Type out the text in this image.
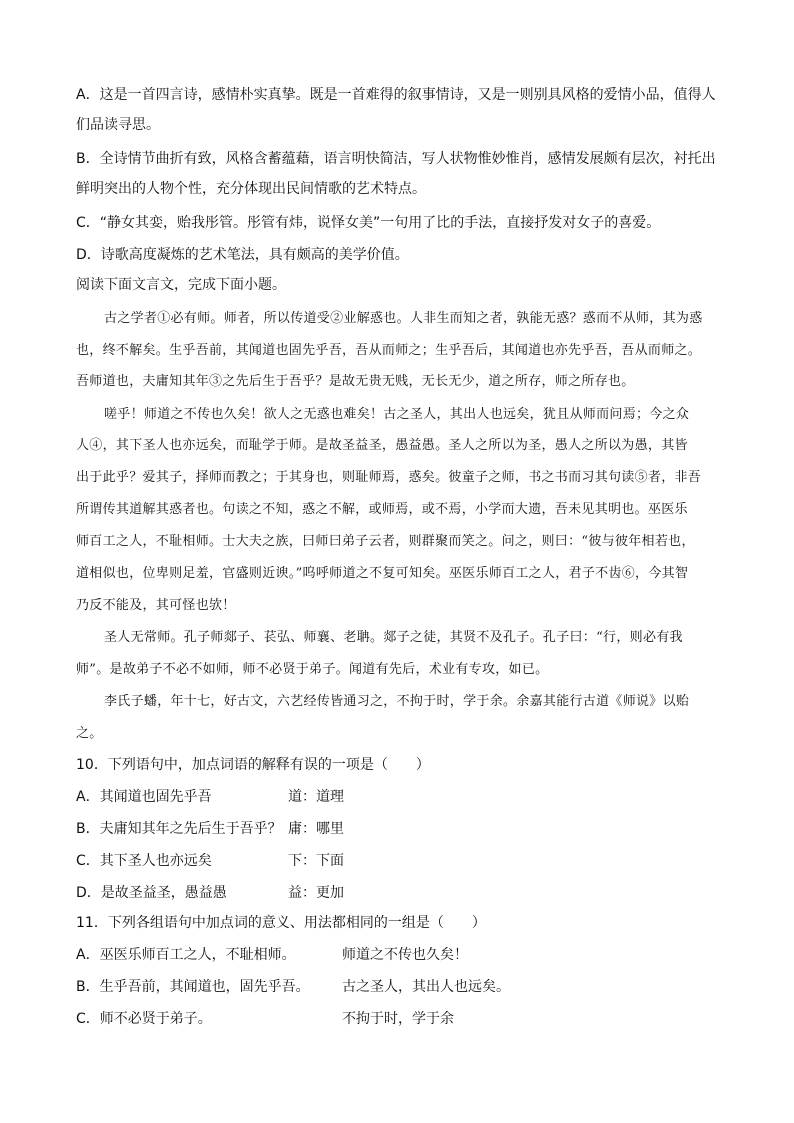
A．这是一首四言诗，感情朴实真挚。既是一首难得的叙事情诗，又是一则别具风格的爱情小品，值得人
们品读寻思。
B．全诗情节曲折有致，风格含蓄蕴藉，语言明快简洁，写人状物惟妙惟肖，感情发展颇有层次，衬托出
鲜明突出的人物个性，充分体现出民间情歌的艺术特点。
C．“静女其娈，贻我彤管。彤管有炜，说怿女美”一句用了比的手法，直接抒发对女子的喜爱。
D．诗歌高度凝炼的艺术笔法，具有颇高的美学价值。
阅读下面文言文，完成下面小题。
古之学者①必有师。师者，所以传道受②业解惑也。人非生而知之者，孰能无惑？惑而不从师，其为惑
也，终不解矣。生乎吾前，其闻道也固先乎吾，吾从而师之；生乎吾后，其闻道也亦先乎吾，吾从而师之。
吾师道也，夫庸知其年③之先后生于吾乎？是故无贵无贱，无长无少，道之所存，师之所存也。
嗟乎！师道之不传也久矣！欲人之无惑也难矣！古之圣人，其出人也远矣，犹且从师而问焉；今之众
人④，其下圣人也亦远矣，而耻学于师。是故圣益圣，愚益愚。圣人之所以为圣，愚人之所以为愚，其皆
出于此乎？爱其子，择师而教之；于其身也，则耻师焉，惑矣。彼童子之师，书之书而习其句读⑤者，非吾
所谓传其道解其惑者也。句读之不知，惑之不解，或师焉，或不焉，小学而大遗，吾未见其明也。巫医乐
师百工之人，不耻相师。士大夫之族，曰师曰弟子云者，则群聚而笑之。问之，则曰：“彼与彼年相若也，
道相似也，位卑则足羞，官盛则近谀。”呜呼师道之不复可知矣。巫医乐师百工之人，君子不齿⑥，今其智
乃反不能及，其可怪也欤！
圣人无常师。孔子师郯子、苌弘、师襄、老聃。郯子之徒，其贤不及孔子。孔子曰：“行，则必有我
师”。是故弟子不必不如师，师不必贤于弟子。闻道有先后，术业有专攻，如已。
李氏子蟠，年十七，好古文，六艺经传皆通习之，不拘于时，学于余。余嘉其能行古道《师说》以贻
之。
10．下列语句中，加点词语的解释有误的一项是（　　）
A．其闻道也固先乎吾	道：道理
B．夫庸知其年之先后生于吾乎？ 庸：哪里
C．其下圣人也亦远矣	下：下面
D．是故圣益圣，愚益愚	益：更加
11．下列各组语句中加点词的意义、用法都相同的一组是（　　）
A．巫医乐师百工之人，不耻相师。	师道之不传也久矣！
B．生乎吾前，其闻道也，固先乎吾。 古之圣人，其出人也远矣。
C．师不必贤于弟子。	不拘于时，学于余
